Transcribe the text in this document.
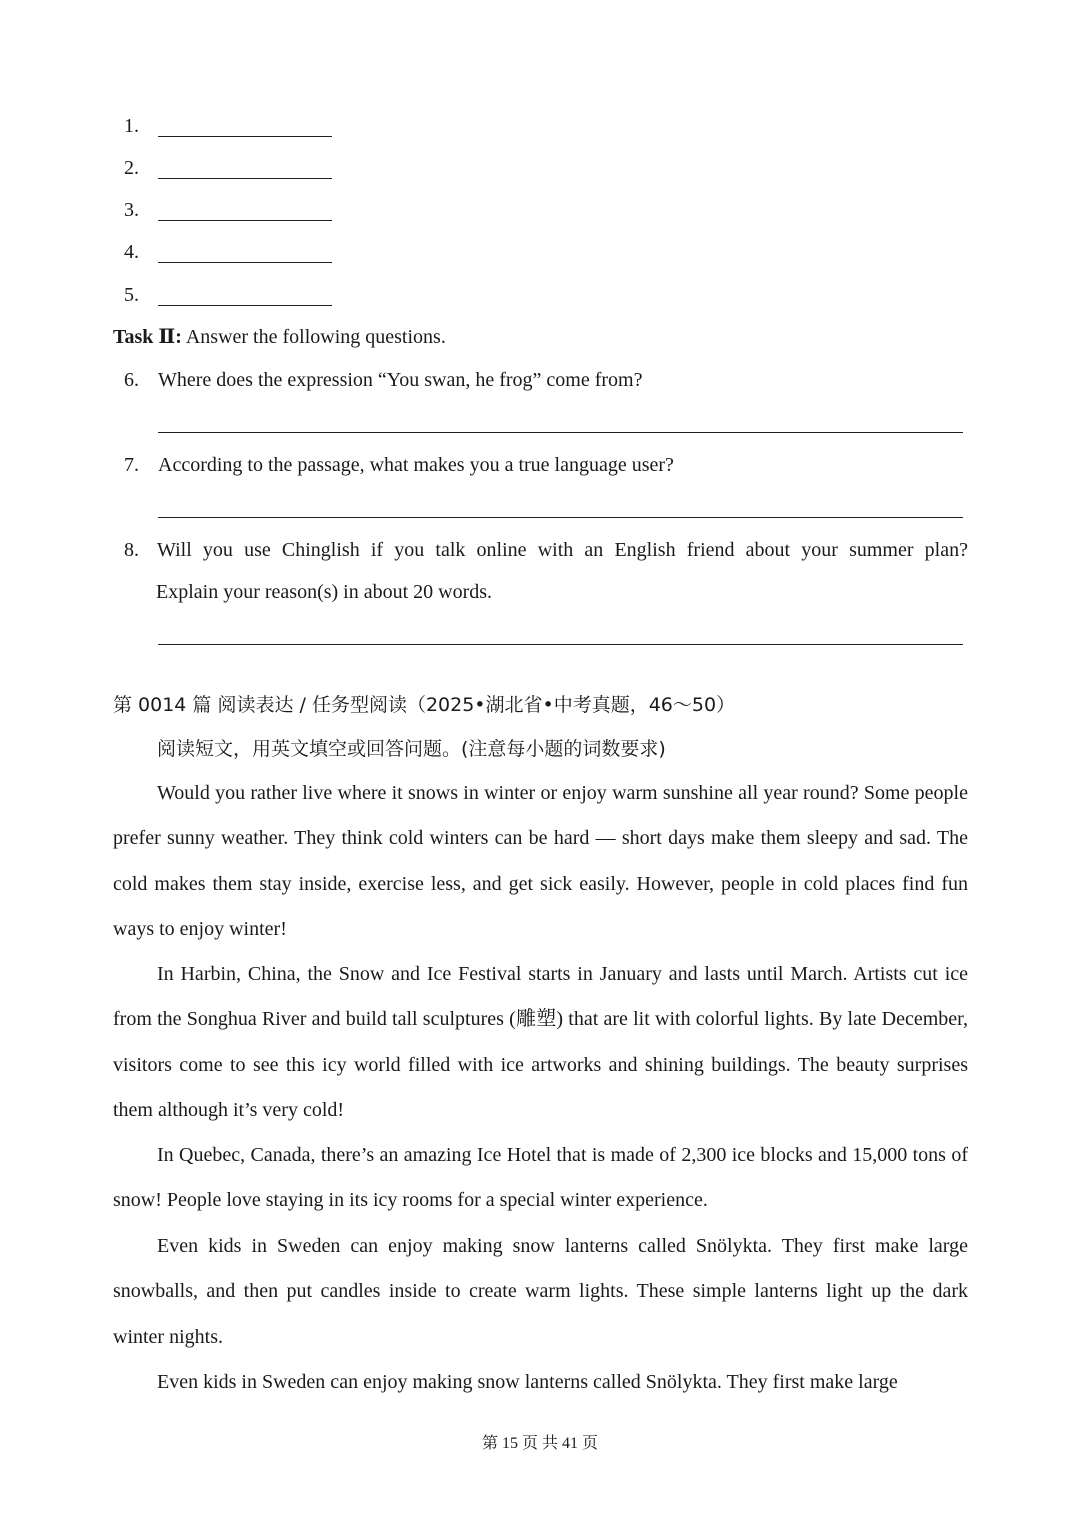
1.
2.
3.
4.
5.
Task Ⅱ: Answer the following questions.
6. Where does the expression “You swan, he frog” come from?
7. According to the passage, what makes you a true language user?
8. Will you use Chinglish if you talk online with an English friend about your summer plan?
Explain your reason(s) in about 20 words.
第 0014 篇 阅读表达 / 任务型阅读（2025•湖北省•中考真题，46～50）
阅读短文，用英文填空或回答问题。(注意每小题的词数要求)

Would you rather live where it snows in winter or enjoy warm sunshine all year round? Some people prefer sunny weather. They think cold winters can be hard — short days make them sleepy and sad. The cold makes them stay inside, exercise less, and get sick easily. However, people in cold places find fun ways to enjoy winter!

In Harbin, China, the Snow and Ice Festival starts in January and lasts until March. Artists cut ice from the Songhua River and build tall sculptures (雕塑) that are lit with colorful lights. By late December, visitors come to see this icy world filled with ice artworks and shining buildings. The beauty surprises them although it’s very cold!

In Quebec, Canada, there’s an amazing Ice Hotel that is made of 2,300 ice blocks and 15,000 tons of snow! People love staying in its icy rooms for a special winter experience.

Even kids in Sweden can enjoy making snow lanterns called Snölykta. They first make large snowballs, and then put candles inside to create warm lights. These simple lanterns light up the dark winter nights.

Even kids in Sweden can enjoy making snow lanterns called Snölykta. They first make large

第 15 页 共 41 页
